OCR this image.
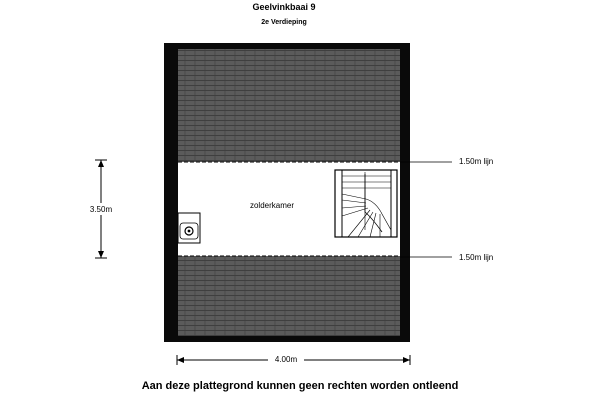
Geelvinkbaai 9
2e Verdieping
1.50m lijn
1.50m lijn
zolderkamer
3.50m
4.00m
Aan deze plattegrond kunnen geen rechten worden ontleend
